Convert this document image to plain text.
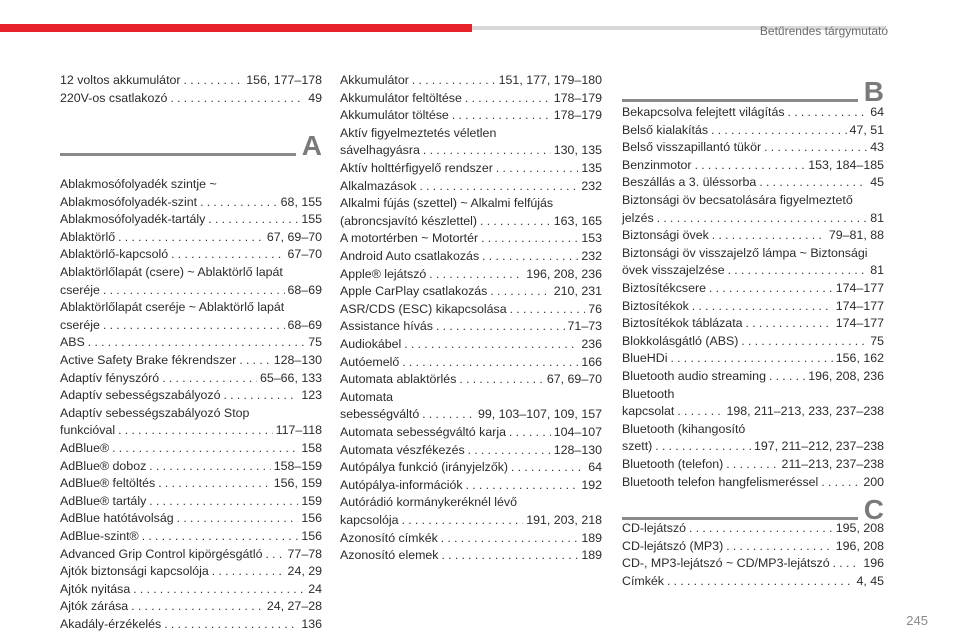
Betűrendes tárgymutató
12 voltos akkumulátor . . .	156, 177–178
220V-os csatlakozó . . .	49
A
Ablakmosófolyadék szintje ~
Ablakmosófolyadék-szint . . .	68, 155
Ablakmosófolyadék-tartály . . .	155
Ablaktörlő . . .	67, 69–70
Ablaktörlő-kapcsoló . . .	67–70
Ablaktörlőlapát (csere) ~ Ablaktörlő lapát
cseréje . . .	68–69
Ablaktörlőlapát cseréje ~ Ablaktörlő lapát
cseréje . . .	68–69
ABS . . .	75
Active Safety Brake fékrendszer . . .	128–130
Adaptív fényszóró . . .	65–66, 133
Adaptív sebességszabályozó . . .	123
Adaptív sebességszabályozó Stop
funkcióval . . .	117–118
AdBlue® . . .	158
AdBlue® doboz . . .	158–159
AdBlue® feltöltés . . .	156, 159
AdBlue® tartály . . .	159
AdBlue hatótávolság . . .	156
AdBlue-szint® . . .	156
Advanced Grip Control kipörgésgátló . . . 77–78
Ajtók biztonsági kapcsolója . . .	24, 29
Ajtók nyitása . . .	24
Ajtók zárása . . .	24, 27–28
Akadály-érzékelés . . .	136
Akkumulátor . . .	151, 177, 179–180
Akkumulátor feltöltése . . .	178–179
Akkumulátor töltése . . .	178–179
Aktív figyelmeztetés véletlen
sávelhagyásra . . .	130, 135
Aktív holttérfigyelő rendszer . . .	135
Alkalmazások . . .	232
Alkalmi fújás (szettel) ~ Alkalmi felfújás
(abroncsjavító készlettel) . . .	163, 165
A motortérben ~ Motortér . . .	153
Android Auto csatlakozás . . .	232
Apple® lejátszó . . .	196, 208, 236
Apple CarPlay csatlakozás . . .	210, 231
ASR/CDS (ESC) kikapcsolása . . .	76
Assistance hívás . . .	71–73
Audiokábel . . .	236
Autóemelő . . .	166
Automata ablaktörlés . . .	67, 69–70
Automata
sebességváltó . . .	99, 103–107, 109, 157
Automata sebességváltó karja . . .	104–107
Automata vészfékezés . . .	128–130
Autópálya funkció (irányjelzők) . . .	64
Autópálya-információk . . .	192
Autórádió kormánykeréknél lévő
kapcsolója . . .	191, 203, 218
Azonosító címkék . . .	189
Azonosító elemek . . .	189
B
Bekapcsolva felejtett világítás . . .	64
Belső kialakítás . . .	47, 51
Belső visszapillantó tükör . . .	43
Benzinmotor . . .	153, 184–185
Beszállás a 3. üléssorba . . .	45
Biztonsági öv becsatolására figyelmeztető
jelzés . . .	81
Biztonsági övek . . .	79–81, 88
Biztonsági öv visszajelző lámpa ~ Biztonsági
övek visszajelzése . . .	81
Biztosítékcsere . . .	174–177
Biztosítékok . . .	174–177
Biztosítékok táblázata . . .	174–177
Blokkolásgátló (ABS) . . .	75
BlueHDi . . .	156, 162
Bluetooth audio streaming . . .	196, 208, 236
Bluetooth
kapcsolat . . .	198, 211–213, 233, 237–238
Bluetooth (kihangosító
szett) . . .	197, 211–212, 237–238
Bluetooth (telefon) . . .	211–213, 237–238
Bluetooth telefon hangfelismeréssel . . .	200
C
CD-lejátszó . . .	195, 208
CD-lejátszó (MP3) . . .	196, 208
CD-, MP3-lejátszó ~ CD/MP3-lejátszó . . .	196
Címkék . . .	4, 45
245
